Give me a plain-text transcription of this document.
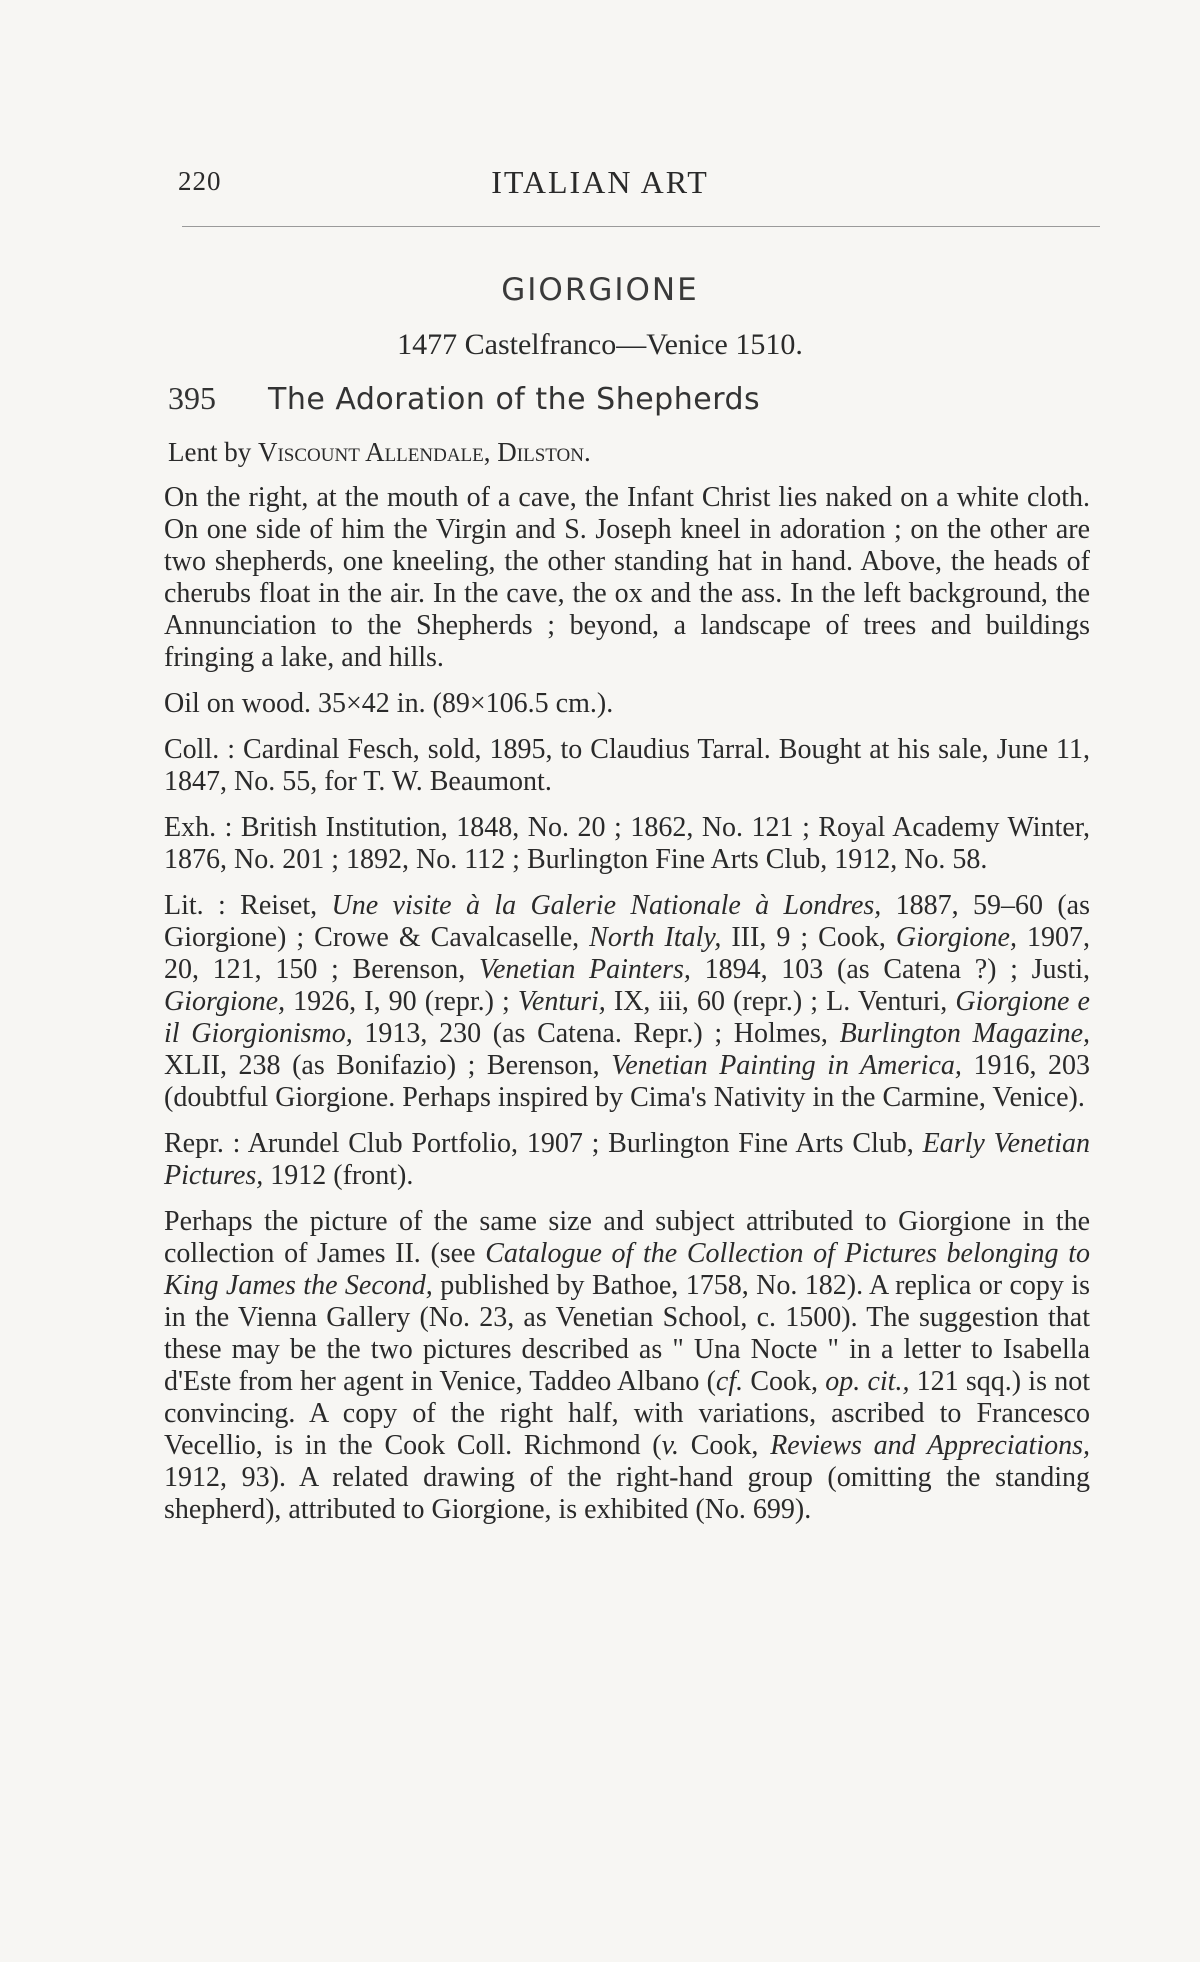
220	ITALIAN ART
GIORGIONE
1477 Castelfranco—Venice 1510.
395 The Adoration of the Shepherds
Lent by Viscount Allendale, Dilston.

On the right, at the mouth of a cave, the Infant Christ lies naked on a white cloth. On one side of him the Virgin and S. Joseph kneel in adoration ; on the other are two shepherds, one kneeling, the other standing hat in hand. Above, the heads of cherubs float in the air. In the cave, the ox and the ass. In the left background, the Annunciation to the Shepherds ; beyond, a landscape of trees and buildings fringing a lake, and hills.

Oil on wood. 35×42 in. (89×106.5 cm.).

Coll. : Cardinal Fesch, sold, 1895, to Claudius Tarral. Bought at his sale, June 11, 1847, No. 55, for T. W. Beaumont.

Exh. : British Institution, 1848, No. 20 ; 1862, No. 121 ; Royal Academy Winter, 1876, No. 201 ; 1892, No. 112 ; Burlington Fine Arts Club, 1912, No. 58.

Lit. : Reiset, Une visite à la Galerie Nationale à Londres, 1887, 59–60 (as Giorgione) ; Crowe & Cavalcaselle, North Italy, III, 9 ; Cook, Giorgione, 1907, 20, 121, 150 ; Berenson, Venetian Painters, 1894, 103 (as Catena ?) ; Justi, Giorgione, 1926, I, 90 (repr.) ; Venturi, IX, iii, 60 (repr.) ; L. Venturi, Giorgione e il Giorgionismo, 1913, 230 (as Catena. Repr.) ; Holmes, Burlington Magazine, XLII, 238 (as Bonifazio) ; Berenson, Venetian Painting in America, 1916, 203 (doubtful Giorgione. Perhaps inspired by Cima's Nativity in the Carmine, Venice).

Repr. : Arundel Club Portfolio, 1907 ; Burlington Fine Arts Club, Early Venetian Pictures, 1912 (front).

Perhaps the picture of the same size and subject attributed to Giorgione in the collection of James II. (see Catalogue of the Collection of Pictures belonging to King James the Second, published by Bathoe, 1758, No. 182). A replica or copy is in the Vienna Gallery (No. 23, as Venetian School, c. 1500). The suggestion that these may be the two pictures described as " Una Nocte " in a letter to Isabella d'Este from her agent in Venice, Taddeo Albano (cf. Cook, op. cit., 121 sqq.) is not convincing. A copy of the right half, with variations, ascribed to Francesco Vecellio, is in the Cook Coll. Richmond (v. Cook, Reviews and Appreciations, 1912, 93). A related drawing of the right-hand group (omitting the standing shepherd), attributed to Giorgione, is exhibited (No. 699).
